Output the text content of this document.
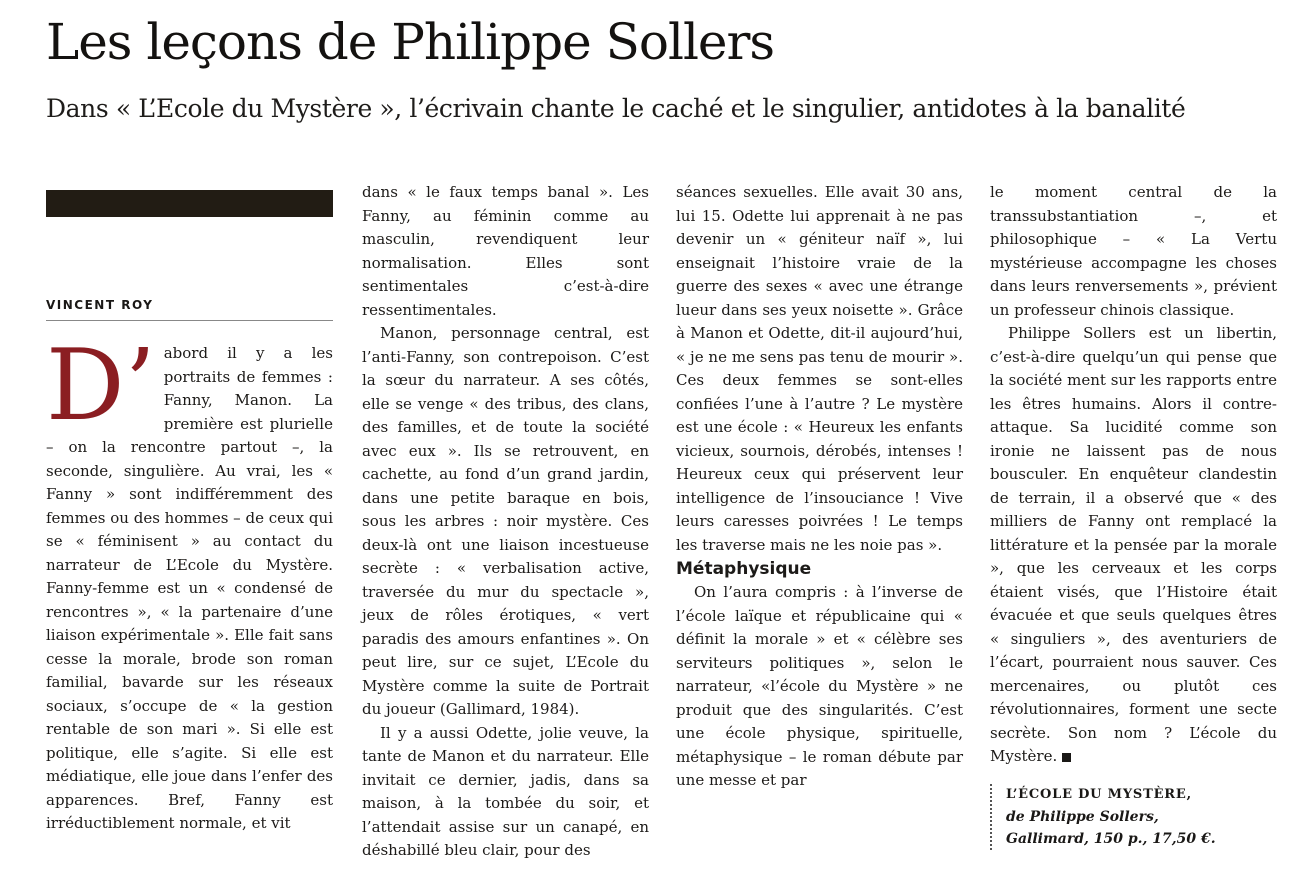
Les leçons de Philippe Sollers
Dans « L’Ecole du Mystère », l’écrivain chante le caché et le singulier, antidotes à la banalité
VINCENT ROY

D’ abord il y a les portraits de femmes : Fanny, Manon. La première est plurielle – on la rencontre partout –, la seconde, singulière. Au vrai, les « Fanny » sont indifféremment des femmes ou des hommes – de ceux qui se « féminisent » au contact du narrateur de L’Ecole du Mystère. Fanny-femme est un « condensé de rencontres », « la partenaire d’une liaison expérimentale ». Elle fait sans cesse la morale, brode son roman familial, bavarde sur les réseaux sociaux, s’occupe de « la gestion rentable de son mari ». Si elle est politique, elle s’agite. Si elle est médiatique, elle joue dans l’enfer des apparences. Bref, Fanny est irréductiblement normale, et vit

dans « le faux temps banal ». Les Fanny, au féminin comme au masculin, revendiquent leur normalisation. Elles sont sentimentales c’est-à-dire ressentimentales.

Manon, personnage central, est l’anti-Fanny, son contrepoison. C’est la sœur du narrateur. A ses côtés, elle se venge « des tribus, des clans, des familles, et de toute la société avec eux ». Ils se retrouvent, en cachette, au fond d’un grand jardin, dans une petite baraque en bois, sous les arbres : noir mystère. Ces deux-là ont une liaison incestueuse secrète : « verbalisation active, traversée du mur du spectacle », jeux de rôles érotiques, « vert paradis des amours enfantines ». On peut lire, sur ce sujet, L’Ecole du Mystère comme la suite de Portrait du joueur (Gallimard, 1984).

Il y a aussi Odette, jolie veuve, la tante de Manon et du narrateur. Elle invitait ce dernier, jadis, dans sa maison, à la tombée du soir, et l’attendait assise sur un canapé, en déshabillé bleu clair, pour des

séances sexuelles. Elle avait 30 ans, lui 15. Odette lui apprenait à ne pas devenir un « géniteur naïf », lui enseignait l’histoire vraie de la guerre des sexes « avec une étrange lueur dans ses yeux noisette ». Grâce à Manon et Odette, dit-il aujourd’hui, « je ne me sens pas tenu de mourir ». Ces deux femmes se sont-elles confiées l’une à l’autre ? Le mystère est une école : « Heureux les enfants vicieux, sournois, dérobés, intenses ! Heureux ceux qui préservent leur intelligence de l’insouciance ! Vive leurs caresses poivrées ! Le temps les traverse mais ne les noie pas ».

Métaphysique

On l’aura compris : à l’inverse de l’école laïque et républicaine qui « définit la morale » et « célèbre ses serviteurs politiques », selon le narrateur, «l’école du Mystère » ne produit que des singularités. C’est une école physique, spirituelle, métaphysique – le roman débute par une messe et par

le moment central de la transsubstantiation –, et philosophique – « La Vertu mystérieuse accompagne les choses dans leurs renversements », prévient un professeur chinois classique.

Philippe Sollers est un libertin, c’est-à-dire quelqu’un qui pense que la société ment sur les rapports entre les êtres humains. Alors il contre-attaque. Sa lucidité comme son ironie ne laissent pas de nous bousculer. En enquêteur clandestin de terrain, il a observé que « des milliers de Fanny ont remplacé la littérature et la pensée par la morale », que les cerveaux et les corps étaient visés, que l’Histoire était évacuée et que seuls quelques êtres « singuliers », des aventuriers de l’écart, pourraient nous sauver. Ces mercenaires, ou plutôt ces révolutionnaires, forment une secte secrète. Son nom ? L’école du Mystère.

L’ÉCOLE DU MYSTÈRE,
de Philippe Sollers,
Gallimard, 150 p., 17,50 €.
